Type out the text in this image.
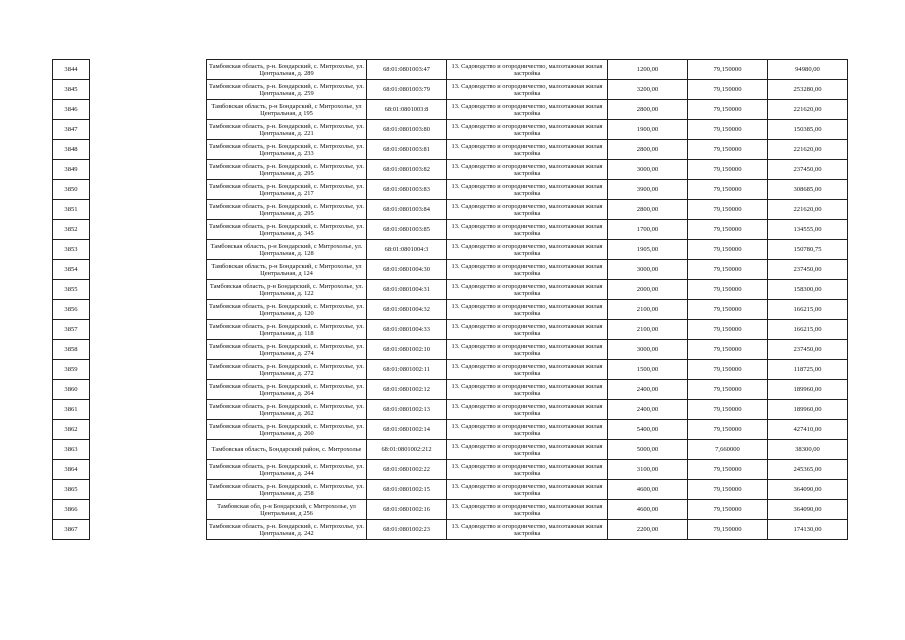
3844		Тамбовская область, р-н. Бондарский, с. Митрохолье, ул. Центральная, д. 289	68:01:0801003:47	13. Садоводство и огородничество, малоэтажная жилая застройка	1200,00	79,150000	94980,00
3845		Тамбовская область, р-н. Бондарский, с. Митрохолье, ул. Центральная, д. 259	68:01:0801003:79	13. Садоводство и огородничество, малоэтажная жилая застройка	3200,00	79,150000	253280,00
3846		Тамбовская область, р-н Бондарский, с Митрохолье, ул Центральная, д 195	68:01:0801003:8	13. Садоводство и огородничество, малоэтажная жилая застройка	2800,00	79,150000	221620,00
3847		Тамбовская область, р-н. Бондарский, с. Митрохолье, ул. Центральная, д. 221	68:01:0801003:80	13. Садоводство и огородничество, малоэтажная жилая застройка	1900,00	79,150000	150385,00
3848		Тамбовская область, р-н. Бондарский, с. Митрохолье, ул. Центральная, д. 233	68:01:0801003:81	13. Садоводство и огородничество, малоэтажная жилая застройка	2800,00	79,150000	221620,00
3849		Тамбовская область, р-н. Бондарский, с. Митрохолье, ул. Центральная, д. 295	68:01:0801003:82	13. Садоводство и огородничество, малоэтажная жилая застройка	3000,00	79,150000	237450,00
3850		Тамбовская область, р-н. Бондарский, с. Митрохолье, ул. Центральная, д. 217	68:01:0801003:83	13. Садоводство и огородничество, малоэтажная жилая застройка	3900,00	79,150000	308685,00
3851		Тамбовская область, р-н. Бондарский, с. Митрохолье, ул. Центральная, д. 295	68:01:0801003:84	13. Садоводство и огородничество, малоэтажная жилая застройка	2800,00	79,150000	221620,00
3852		Тамбовская область, р-н. Бондарский, с. Митрохолье, ул. Центральная, д. 345	68:01:0801003:85	13. Садоводство и огородничество, малоэтажная жилая застройка	1700,00	79,150000	134555,00
3853		Тамбовская область, р-н Бондарский, с Митрохолье, ул. Центральная, д. 128	68:01:0801004:3	13. Садоводство и огородничество, малоэтажная жилая застройка	1905,00	79,150000	150780,75
3854		Тамбовская область, р-н Бондарский, с Митрохолье, ул Центральная, д 124	68:01:0801004:30	13. Садоводство и огородничество, малоэтажная жилая застройка	3000,00	79,150000	237450,00
3855		Тамбовская область, р-н Бондарский, с. Митрохолье, ул. Центральная, д. 122	68:01:0801004:31	13. Садоводство и огородничество, малоэтажная жилая застройка	2000,00	79,150000	158300,00
3856		Тамбовская область, р-н. Бондарский, с. Митрохолье, ул. Центральная, д. 120	68:01:0801004:32	13. Садоводство и огородничество, малоэтажная жилая застройка	2100,00	79,150000	166215,00
3857		Тамбовская область, р-н. Бондарский, с. Митрохолье, ул. Центральная, д. 118	68:01:0801004:33	13. Садоводство и огородничество, малоэтажная жилая застройка	2100,00	79,150000	166215,00
3858		Тамбовская область, р-н. Бондарский, с. Митрохолье, ул. Центральная, д. 274	68:01:0801002:10	13. Садоводство и огородничество, малоэтажная жилая застройка	3000,00	79,150000	237450,00
3859		Тамбовская область, р-н. Бондарский, с. Митрохолье, ул. Центральная, д. 272	68:01:0801002:11	13. Садоводство и огородничество, малоэтажная жилая застройка	1500,00	79,150000	118725,00
3860		Тамбовская область, р-н. Бондарский, с. Митрохолье, ул. Центральная, д. 264	68:01:0801002:12	13. Садоводство и огородничество, малоэтажная жилая застройка	2400,00	79,150000	189960,00
3861		Тамбовская область, р-н. Бондарский, с. Митрохолье, ул. Центральная, д. 262	68:01:0801002:13	13. Садоводство и огородничество, малоэтажная жилая застройка	2400,00	79,150000	189960,00
3862		Тамбовская область, р-н. Бондарский, с. Митрохолье, ул. Центральная, д. 260	68:01:0801002:14	13. Садоводство и огородничество, малоэтажная жилая застройка	5400,00	79,150000	427410,00
3863		Тамбовская область, Бондарский район, с. Митрохолье	68:01:0801002:212	13. Садоводство и огородничество, малоэтажная жилая застройка	5000,00	7,660000	38300,00
3864		Тамбовская область, р-н. Бондарский, с. Митрохолье, ул. Центральная, д. 244	68:01:0801002:22	13. Садоводство и огородничество, малоэтажная жилая застройка	3100,00	79,150000	245365,00
3865		Тамбовская область, р-н. Бондарский, с. Митрохолье, ул. Центральная, д. 258	68:01:0801002:15	13. Садоводство и огородничество, малоэтажная жилая застройка	4600,00	79,150000	364090,00
3866		Тамбовская обл, р-н Бондарский, с Митрохолье, ул Центральная, д 256	68:01:0801002:16	13. Садоводство и огородничество, малоэтажная жилая застройка	4600,00	79,150000	364090,00
3867		Тамбовская область, р-н. Бондарский, с. Митрохолье, ул. Центральная, д. 242	68:01:0801002:23	13. Садоводство и огородничество, малоэтажная жилая застройка	2200,00	79,150000	174130,00
